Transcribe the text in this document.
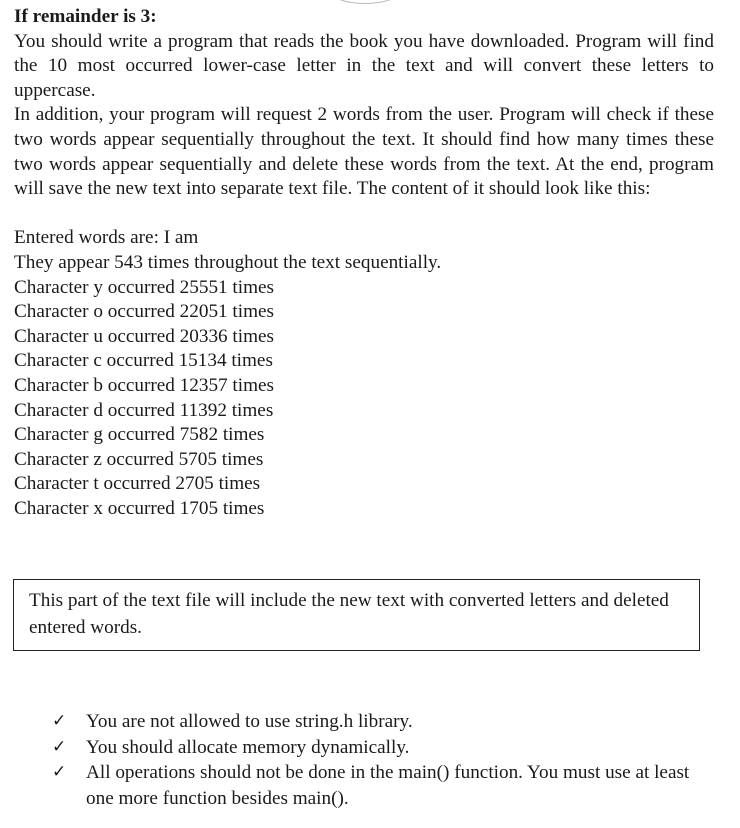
If remainder is 3:

You should write a program that reads the book you have downloaded. Program will find the 10 most occurred lower-case letter in the text and will convert these letters to uppercase.

In addition, your program will request 2 words from the user. Program will check if these two words appear sequentially throughout the text. It should find how many times these two words appear sequentially and delete these words from the text. At the end, program will save the new text into separate text file. The content of it should look like this:

Entered words are: I am

They appear 543 times throughout the text sequentially.

Character y occurred 25551 times

Character o occurred 22051 times

Character u occurred 20336 times

Character c occurred 15134 times

Character b occurred 12357 times

Character d occurred 11392 times

Character g occurred 7582 times

Character z occurred 5705 times

Character t occurred 2705 times

Character x occurred 1705 times

This part of the text file will include the new text with converted letters and deleted entered words.
✓ You are not allowed to use string.h library.
✓ You should allocate memory dynamically.
✓ All operations should not be done in the main() function. You must use at least one more function besides main().
